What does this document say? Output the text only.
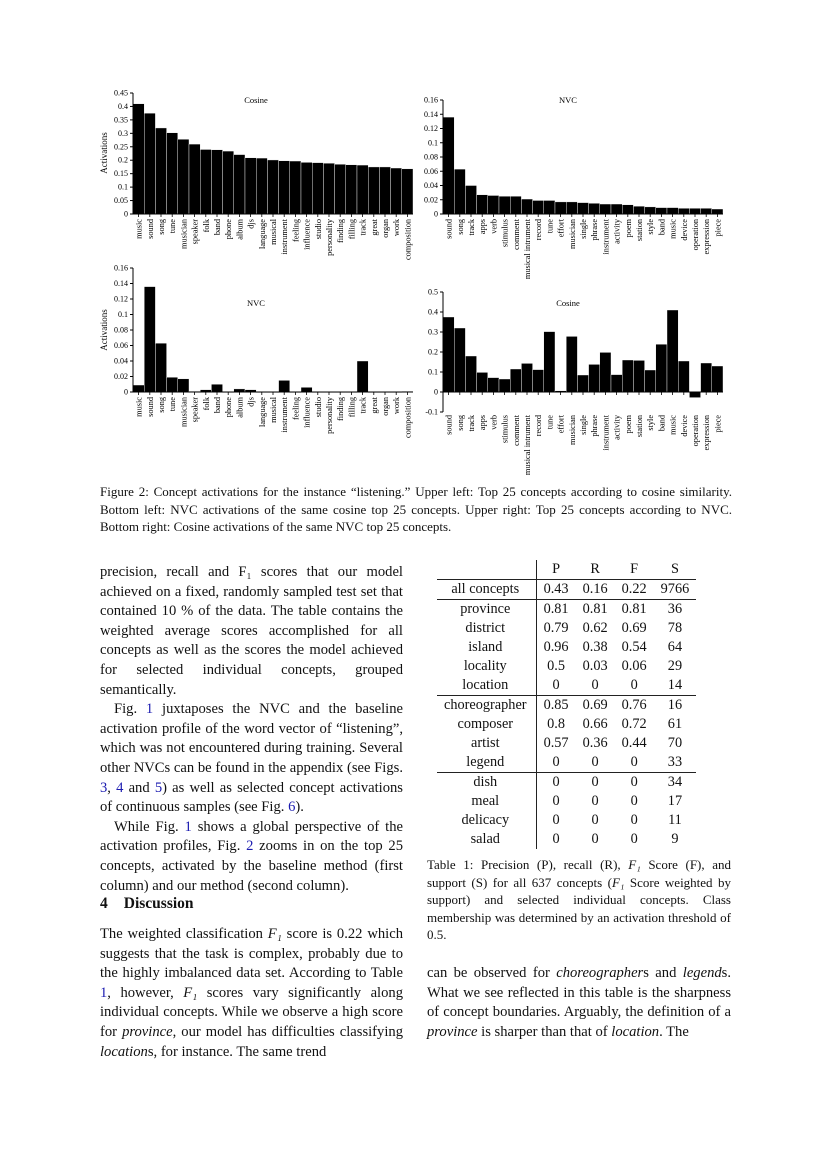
0
0.05
0.1
0.15
0.2
0.25
0.3
0.35
0.4
0.45
music sound song tune musician speaker folk band phone album djs language musical instrument feeling influence studio personality finding filling track great organ work composition
Cosine
Activations
0
0.02
0.04
0.06
0.08
0.1
0.12
0.14
0.16
sound song track apps verb stimulus comment musical intrument record tune effort musician single phrase instrument activity poem station style band music device operation expression piece
NVC
0
0.02
0.04
0.06
0.08
0.1
0.12
0.14
0.16
music sound song tune musician speaker folk band phone album djs language musical instrument feeling influence studio personality finding filling track great organ work composition
NVC
Activations
-0.1
0
0.1
0.2
0.3
0.4
0.5
sound song track apps verb stimulus comment musical intrument record tune effort musician single phrase instrument activity poem station style band music device operation expression piece
Cosine
Figure 2: Concept activations for the instance “listening.” Upper left: Top 25 concepts according to cosine similarity. Bottom left: NVC activations of the same cosine top 25 concepts. Upper right: Top 25 concepts according to NVC. Bottom right: Cosine activations of the same NVC top 25 concepts.

precision, recall and F₁ scores that our model achieved on a fixed, randomly sampled test set that contained 10 % of the data. The table contains the weighted average scores accomplished for all concepts as well as the scores the model achieved for selected individual concepts, grouped semantically.

Fig. 1 juxtaposes the NVC and the baseline activation profile of the word vector of “listening”, which was not encountered during training. Several other NVCs can be found in the appendix (see Figs. 3, 4 and 5) as well as selected concept activations of continuous samples (see Fig. 6).

While Fig. 1 shows a global perspective of the activation profiles, Fig. 2 zooms in on the top 25 concepts, activated by the baseline method (first column) and our method (second column).

4 Discussion

The weighted classification F₁ score is 0.22 which suggests that the task is complex, probably due to the highly imbalanced data set. According to Table 1, however, F₁ scores vary significantly along individual concepts. While we observe a high score for province, our model has difficulties classifying locations, for instance. The same trend

	P	R	F	S
all concepts	0.43	0.16	0.22	9766
province	0.81	0.81	0.81	36
district	0.79	0.62	0.69	78
island	0.96	0.38	0.54	64
locality	0.5	0.03	0.06	29
location	0	0	0	14
choreographer	0.85	0.69	0.76	16
composer	0.8	0.66	0.72	61
artist	0.57	0.36	0.44	70
legend	0	0	0	33
dish	0	0	0	34
meal	0	0	0	17
delicacy	0	0	0	11
salad	0	0	0	9
Table 1: Precision (P), recall (R), F₁ Score (F), and support (S) for all 637 concepts (F₁ Score weighted by support) and selected individual concepts. Class membership was determined by an activation threshold of 0.5.

can be observed for choreographers and legends. What we see reflected in this table is the sharpness of concept boundaries. Arguably, the definition of a province is sharper than that of location. The
